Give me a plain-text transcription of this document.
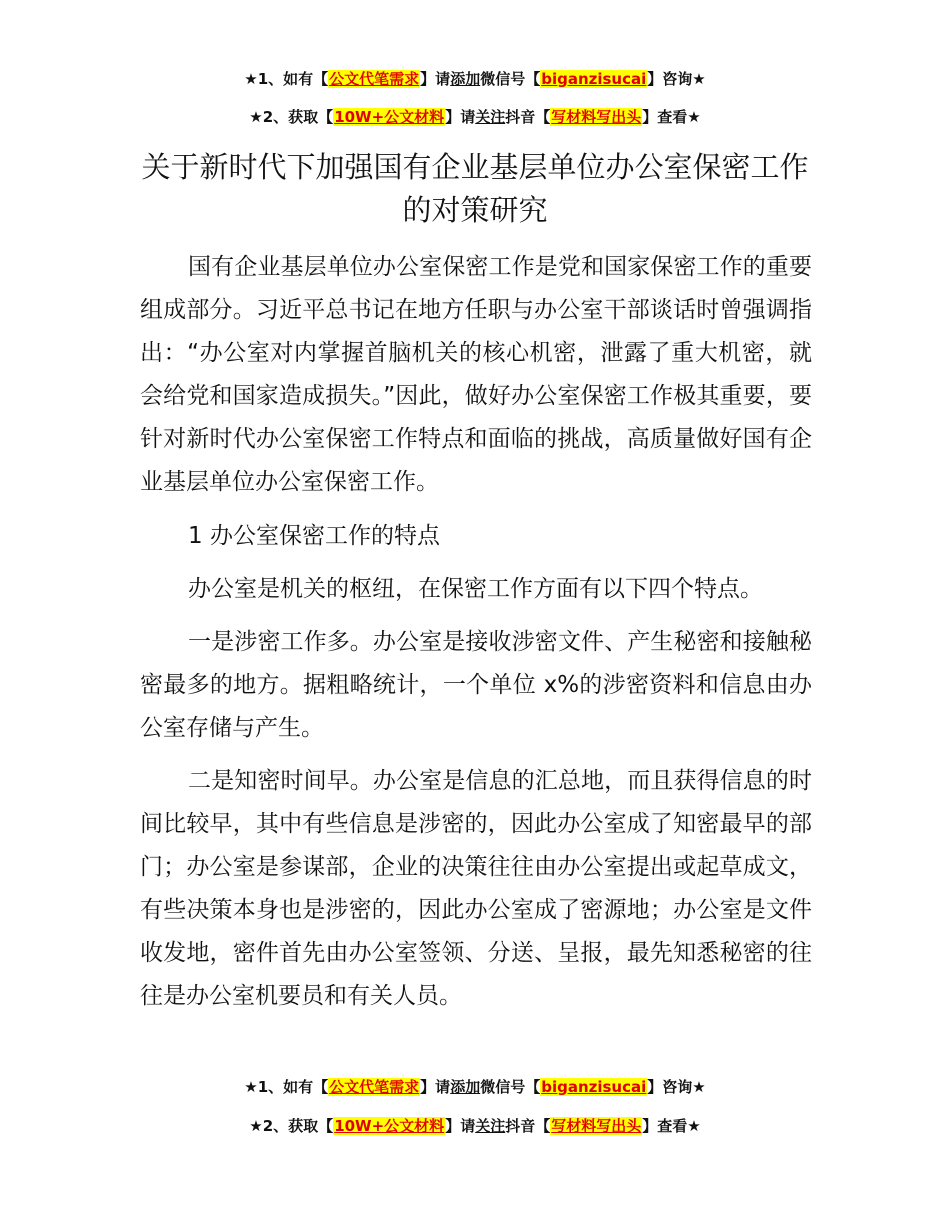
★1、如有【公文代笔需求】请添加微信号【biganzisucai】咨询★
★2、获取【10W+公文材料】请关注抖音【写材料写出头】查看★
关于新时代下加强国有企业基层单位办公室保密工作的对策研究

国有企业基层单位办公室保密工作是党和国家保密工作的重要组成部分。习近平总书记在地方任职与办公室干部谈话时曾强调指出：“办公室对内掌握首脑机关的核心机密，泄露了重大机密，就会给党和国家造成损失。”因此，做好办公室保密工作极其重要，要针对新时代办公室保密工作特点和面临的挑战，高质量做好国有企业基层单位办公室保密工作。

1 办公室保密工作的特点

办公室是机关的枢纽，在保密工作方面有以下四个特点。

一是涉密工作多。办公室是接收涉密文件、产生秘密和接触秘密最多的地方。据粗略统计，一个单位 x%的涉密资料和信息由办公室存储与产生。

二是知密时间早。办公室是信息的汇总地，而且获得信息的时间比较早，其中有些信息是涉密的，因此办公室成了知密最早的部门；办公室是参谋部，企业的决策往往由办公室提出或起草成文，有些决策本身也是涉密的，因此办公室成了密源地；办公室是文件收发地，密件首先由办公室签领、分送、呈报，最先知悉秘密的往往是办公室机要员和有关人员。

★1、如有【公文代笔需求】请添加微信号【biganzisucai】咨询★
★2、获取【10W+公文材料】请关注抖音【写材料写出头】查看★
